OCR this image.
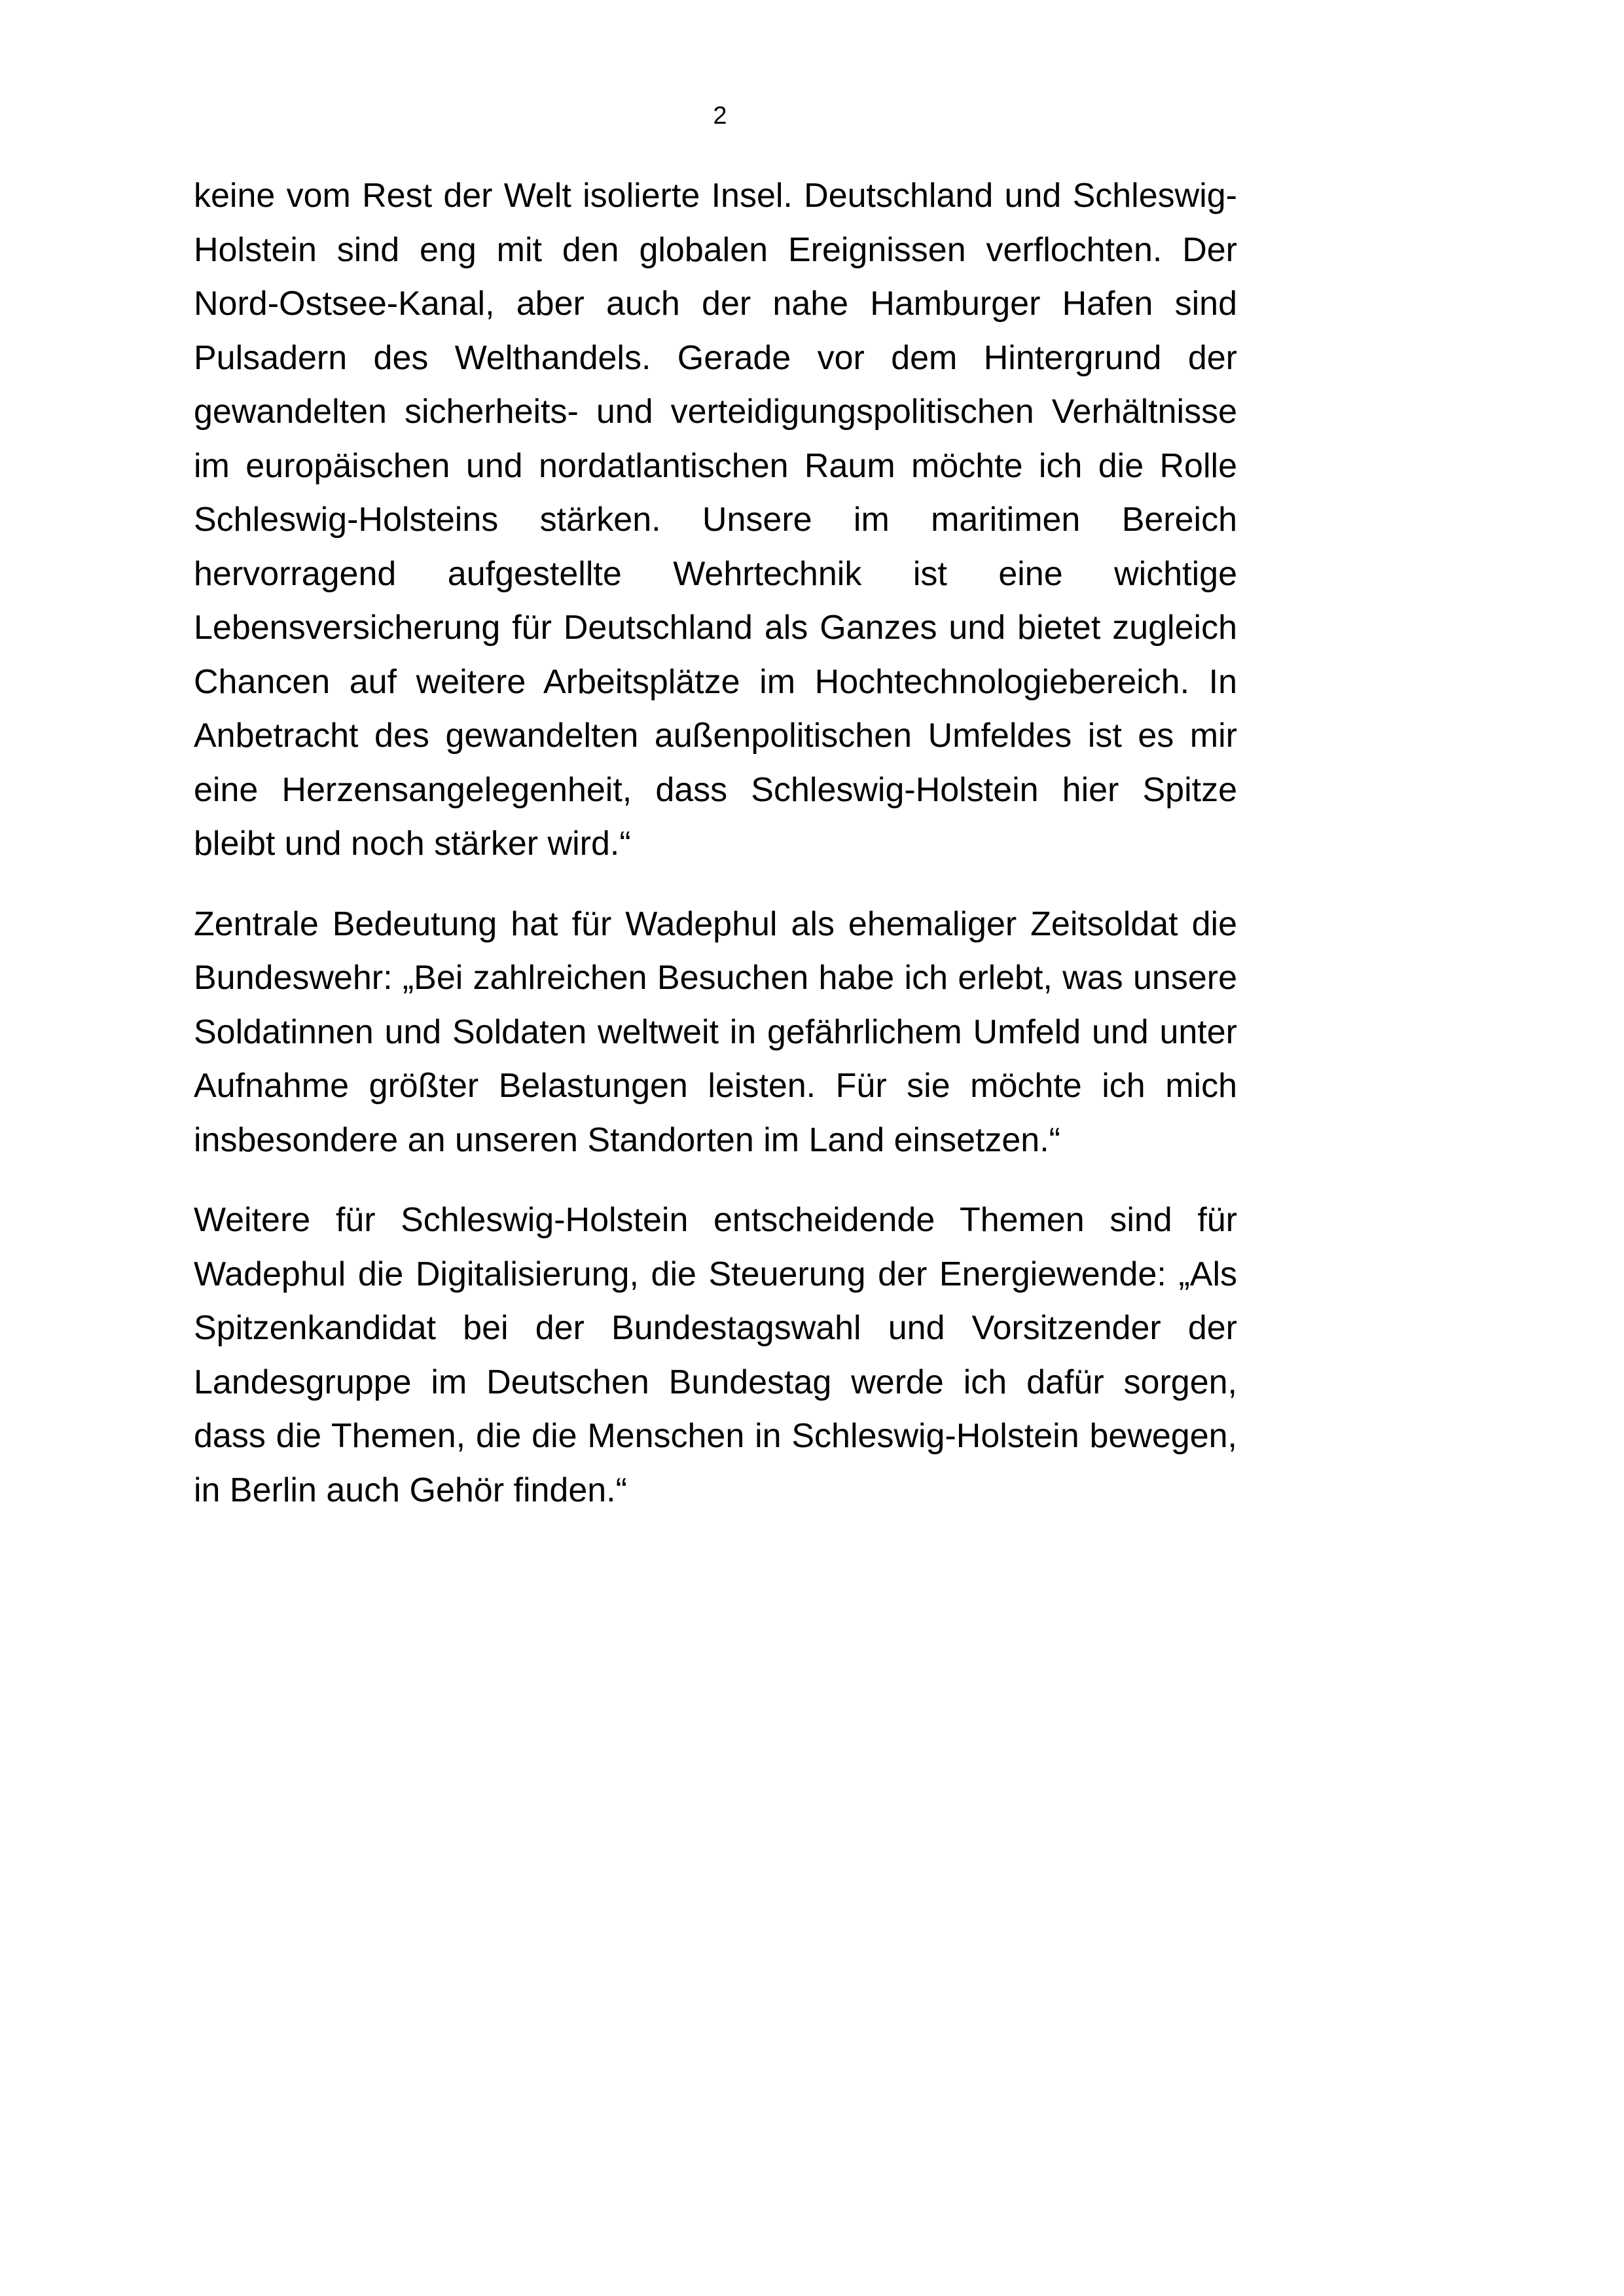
2

keine vom Rest der Welt isolierte Insel. Deutschland und Schleswig-Holstein sind eng mit den globalen Ereignissen verflochten. Der Nord-Ostsee-Kanal, aber auch der nahe Hamburger Hafen sind Pulsadern des Welthandels. Gerade vor dem Hintergrund der gewandelten sicherheits- und verteidigungspolitischen Verhältnisse im europäischen und nordatlantischen Raum möchte ich die Rolle Schleswig-Holsteins stärken. Unsere im maritimen Bereich hervorragend aufgestellte Wehrtechnik ist eine wichtige Lebensversicherung für Deutschland als Ganzes und bietet zugleich Chancen auf weitere Arbeitsplätze im Hochtechnologiebereich. In Anbetracht des gewandelten außenpolitischen Umfeldes ist es mir eine Herzensangelegenheit, dass Schleswig-Holstein hier Spitze bleibt und noch stärker wird.“

Zentrale Bedeutung hat für Wadephul als ehemaliger Zeitsoldat die Bundeswehr: „Bei zahlreichen Besuchen habe ich erlebt, was unsere Soldatinnen und Soldaten weltweit in gefährlichem Umfeld und unter Aufnahme größter Belastungen leisten. Für sie möchte ich mich insbesondere an unseren Standorten im Land einsetzen.“

Weitere für Schleswig-Holstein entscheidende Themen sind für Wadephul die Digitalisierung, die Steuerung der Energiewende: „Als Spitzenkandidat bei der Bundestagswahl und Vorsitzender der Landesgruppe im Deutschen Bundestag werde ich dafür sorgen, dass die Themen, die die Menschen in Schleswig-Holstein bewegen, in Berlin auch Gehör finden.“
